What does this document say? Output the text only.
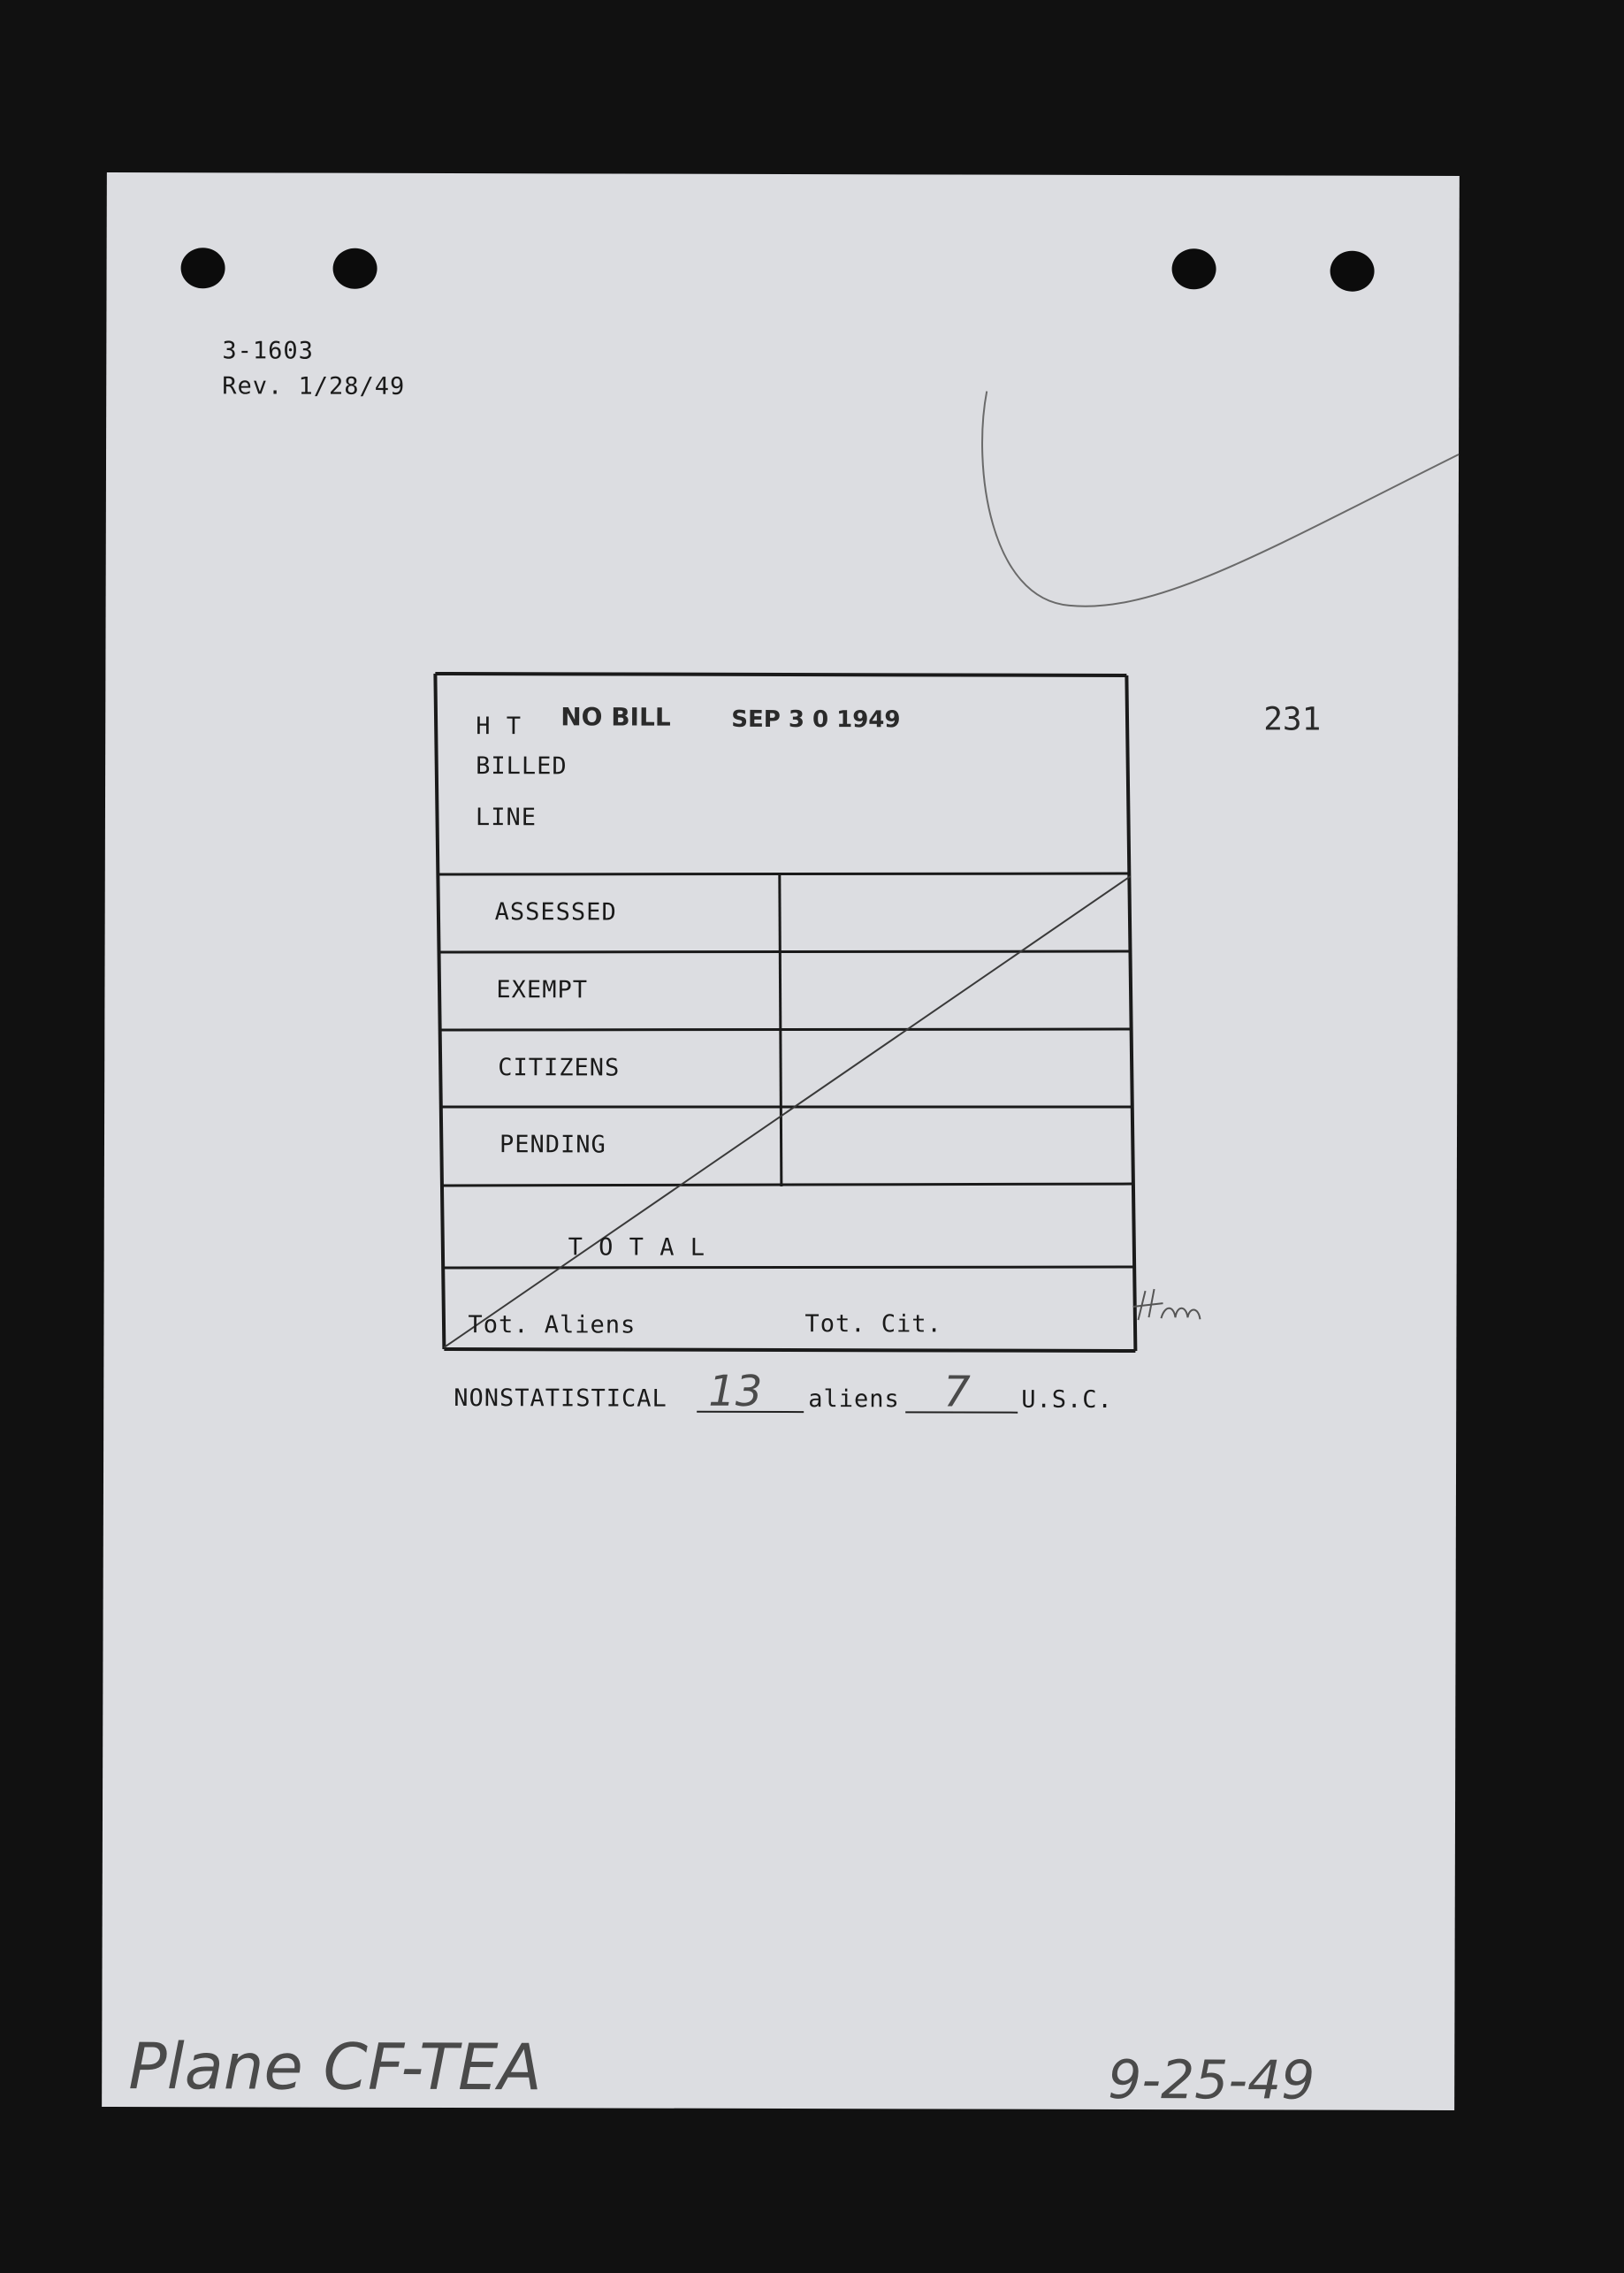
3-1603
Rev. 1/28/49
231
H T NO BILL	SEP 3 0 1949
BILLED
LINE
ASSESSED
EXEMPT
CITIZENS
PENDING
T O T A L
Tot. Aliens	Tot. Cit.
NONSTATISTICAL 13 aliens 7 U.S.C.
Plane CF-TEA	9-25-49
